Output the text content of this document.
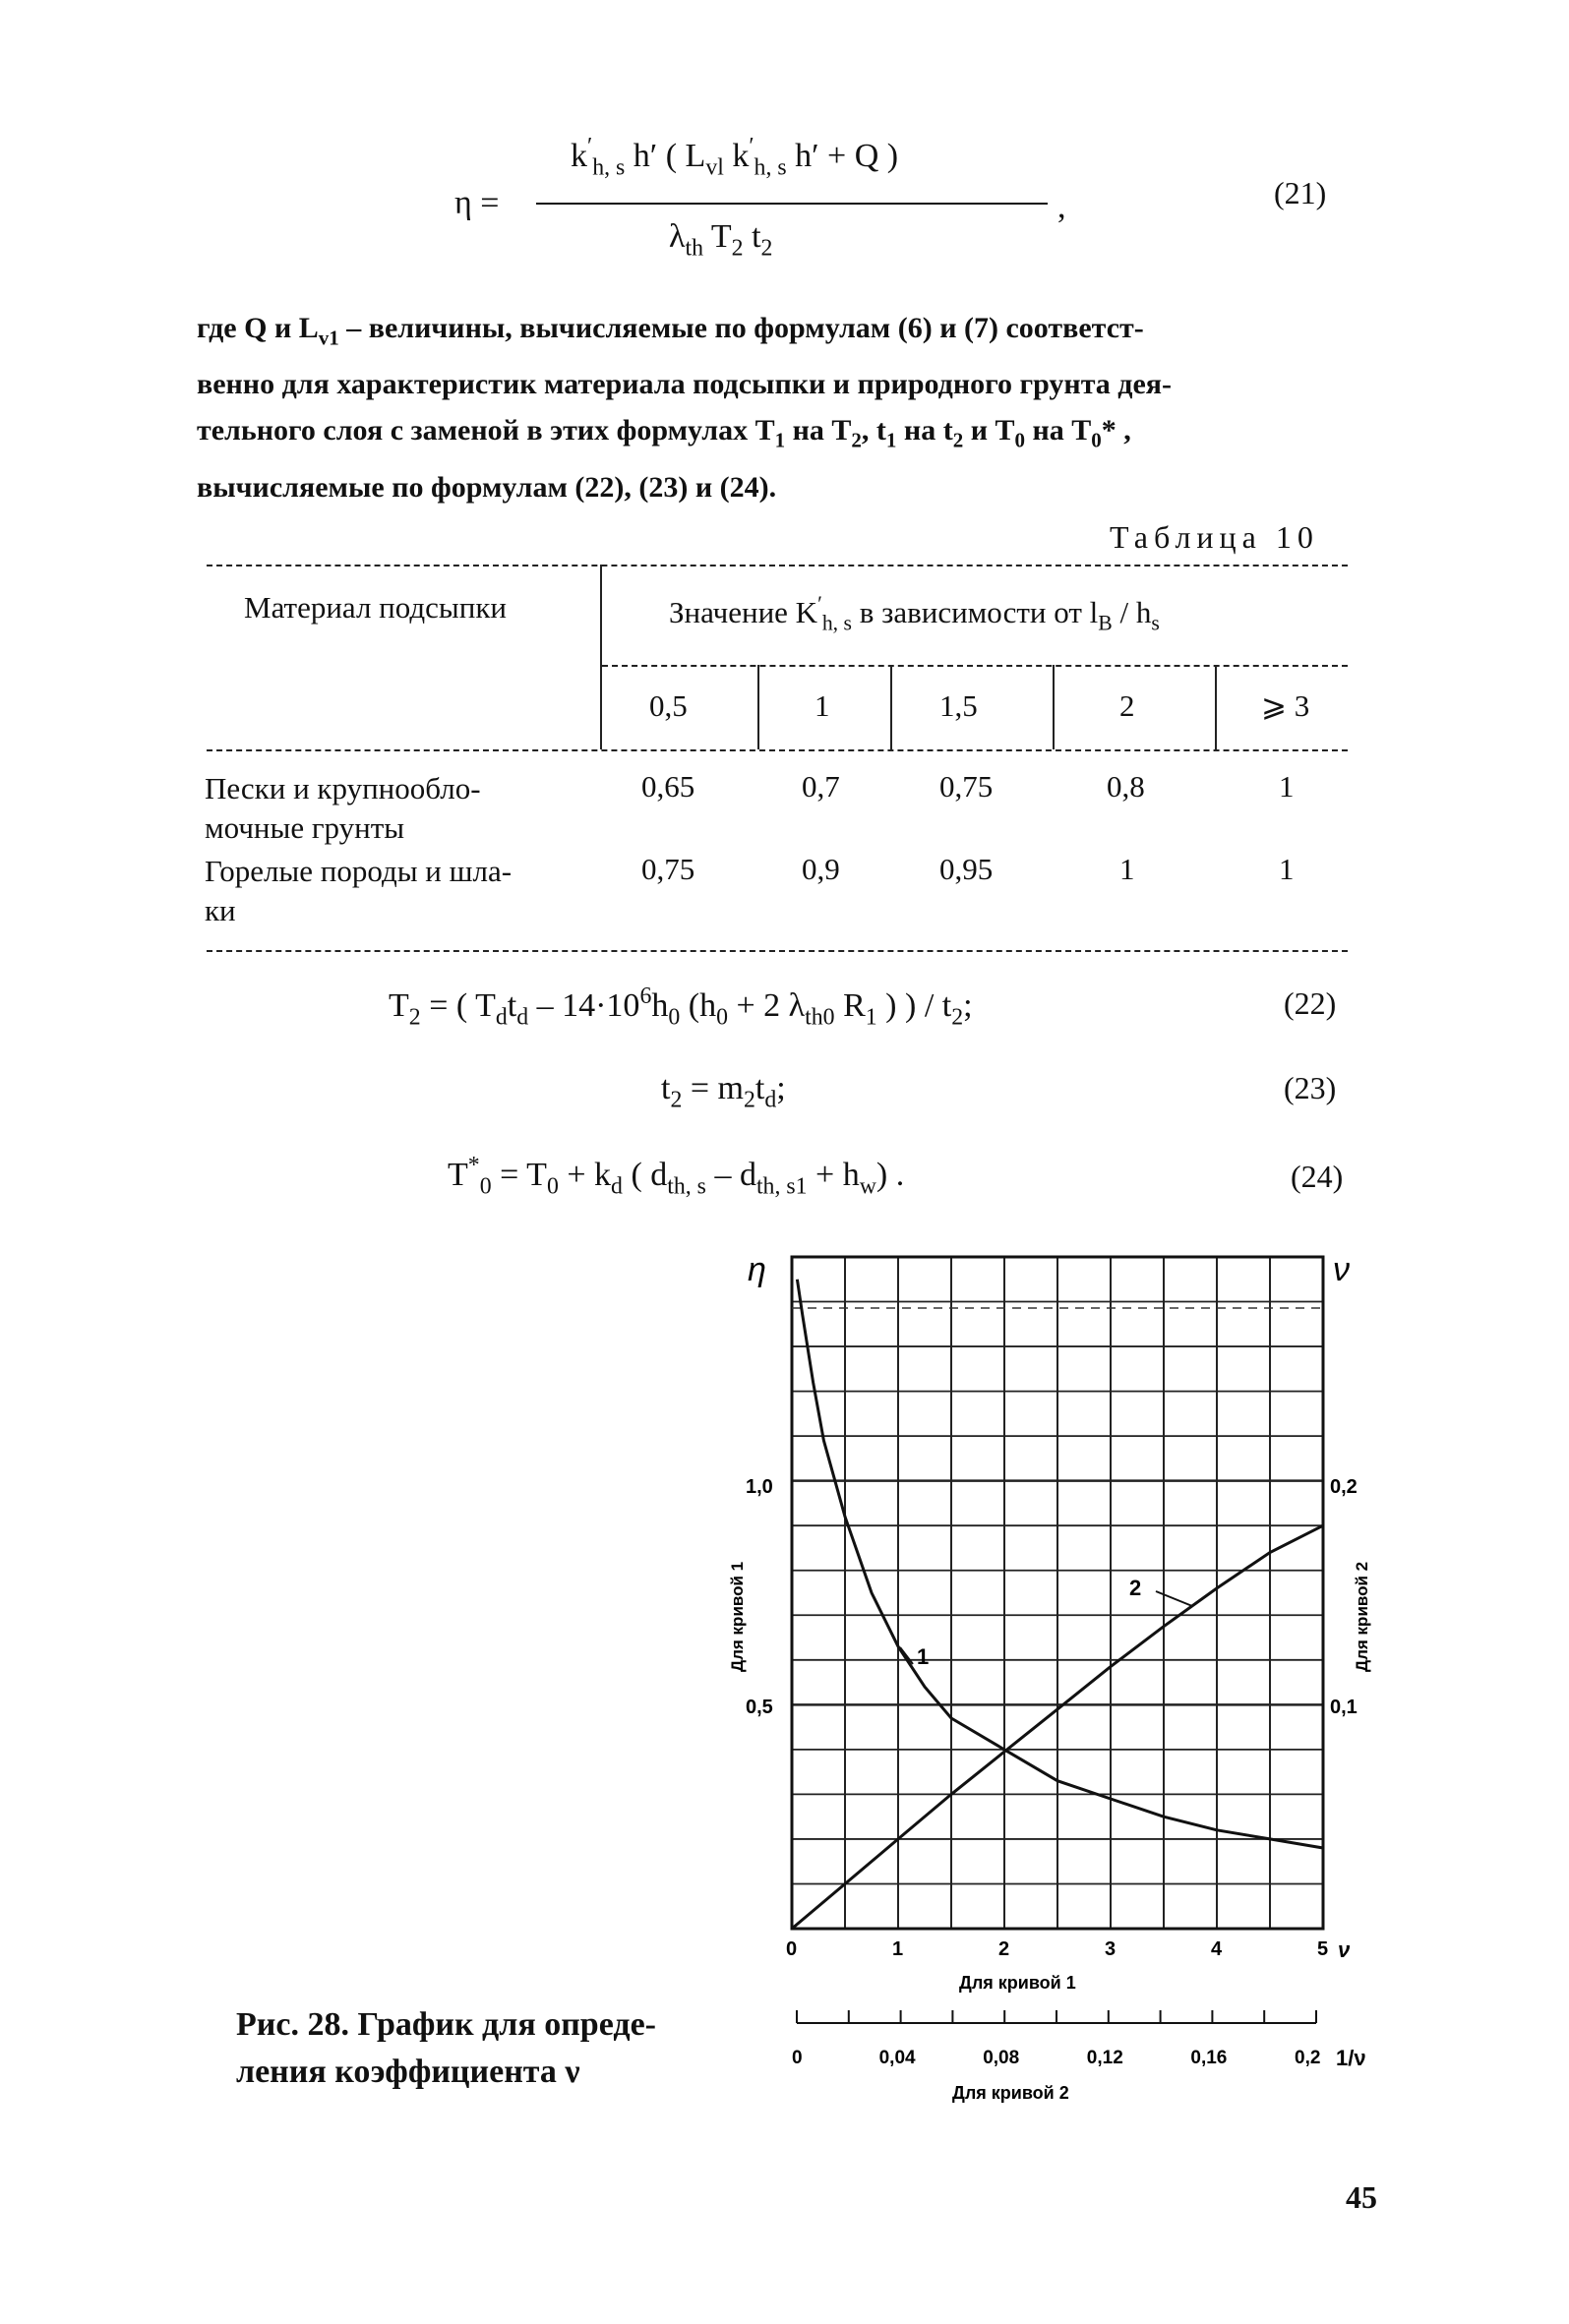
η =
$k'_{h, s}$ h′ ( $L_{vl}$ $k'_{h, s}$ h′ + Q )
$\lambda_{th}$ $T_2$ $t_2$
,	(21)

где Q и $L_{v1}$ – величины, вычисляемые по формулам (6) и (7) соответст-

венно для характеристик материала подсыпки и природного грунта дея-

тельного слоя с заменой в этих формулах $T_1$ на $T_2$, $t_1$ на $t_2$ и $T_0$ на $T_0*$ ,

вычисляемые по формулам (22), (23) и (24).

Таблица 10
Материал подсыпки	Значение $K'_{h, s}$ в зависимости от $l_B / h_s$
0,5	1	1,5	2	⩾ 3
Пески и крупнообло-
мочные грунты
0,65	0,7	0,75	0,8	1
Горелые породы и шла-
ки
0,75	0,9	0,95	1	1
$T_2$ = ( $T_dt_d - 14\cdot 10^6h_0$ ($h_0 + 2$ $\lambda_{th0}$ $R_1$ ) ) / $t_2$;	(22)
$t_2 = m_2t_d$;	(23)
$T^*_0 = T_0 + k_d$ ( $d_{th, s} - d_{th, s1} + h_w$) .	(24)
1
2
η	ν
1,0
0,5
0,2
0,1
Для кривой 1	Для кривой 2
0	1	2	3	4	5 ν
Для кривой 1
0	0,04	0,08	0,12	0,16	0,2 1/ν
Для кривой 2
Рис. 28. График для опреде-
ления коэффициента ν
45
